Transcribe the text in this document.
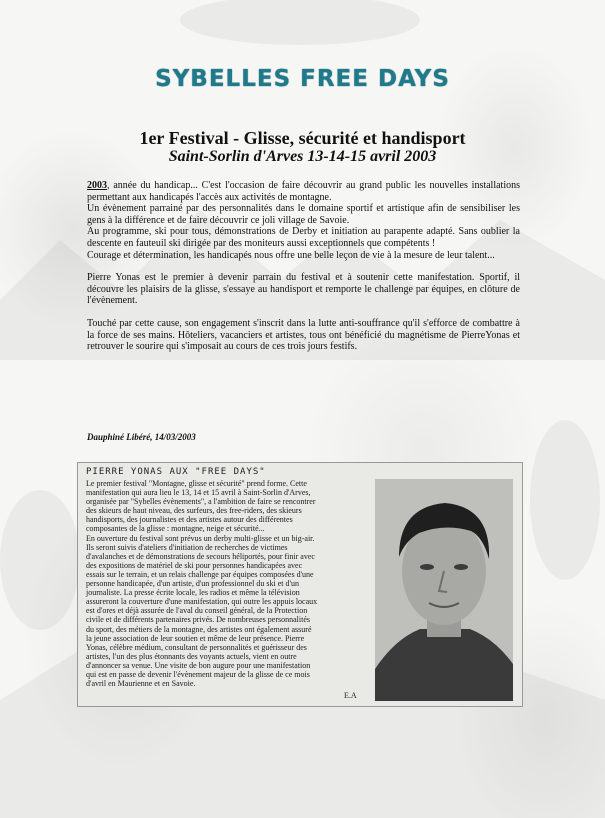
SYBELLES FREE DAYS
1er Festival - Glisse, sécurité et handisport
Saint-Sorlin d'Arves 13-14-15 avril 2003

2003, année du handicap... C'est l'occasion de faire découvrir au grand public les nouvelles installations permettant aux handicapés l'accès aux activités de montagne.
Un évènement parrainé par des personnalités dans le domaine sportif et artistique afin de sensibiliser les gens à la différence et de faire découvrir ce joli village de Savoie.
Au programme, ski pour tous, démonstrations de Derby et initiation au parapente adapté. Sans oublier la descente en fauteuil ski dirigée par des moniteurs aussi exceptionnels que compétents !
Courage et détermination, les handicapés nous offre une belle leçon de vie à la mesure de leur talent...

Pierre Yonas est le premier à devenir parrain du festival et à soutenir cette manifestation. Sportif, il découvre les plaisirs de la glisse, s'essaye au handisport et remporte le challenge par équipes, en clôture de l'évènement.

Touché par cette cause, son engagement s'inscrit dans la lutte anti-souffrance qu'il s'efforce de combattre à la force de ses mains. Hôteliers, vacanciers et artistes, tous ont bénéficié du magnétisme de PierreYonas et retrouver le sourire qui s'imposait au cours de ces trois jours festifs.

Dauphiné Libéré, 14/03/2003
PIERRE YONAS AUX "FREE DAYS"
Le premier festival "Montagne, glisse et sécurité" prend forme. Cette
manifestation qui aura lieu le 13, 14 et 15 avril à Saint-Sorlin d'Arves,
organisée par "Sybelles évènements", a l'ambition de faire se rencontrer
des skieurs de haut niveau, des surfeurs, des free-riders, des skieurs
handisports, des journalistes et des artistes autour des différentes
composantes de la glisse : montagne, neige et sécurité...
En ouverture du festival sont prévus un derby multi-glisse et un big-air.
Ils seront suivis d'ateliers d'initiation de recherches de victimes
d'avalanches et de démonstrations de secours héliportés, pour finir avec
des expositions de matériel de ski pour personnes handicapées avec
essais sur le terrain, et un relais challenge par équipes composées d'une
personne handicapée, d'un artiste, d'un professionnel du ski et d'un
journaliste. La presse écrite locale, les radios et même la télévision
assureront la couverture d'une manifestation, qui outre les appuis locaux
est d'ores et déjà assurée de l'aval du conseil général, de la Protection
civile et de différents partenaires privés. De nombreuses personnalités
du sport, des métiers de la montagne, des artistes ont également assuré
la jeune association de leur soutien et même de leur présence. Pierre
Yonas, célèbre médium, consultant de personnalités et guérisseur des
artistes, l'un des plus étonnants des voyants actuels, vient en outre
d'annoncer sa venue. Une visite de bon augure pour une manifestation
qui est en passe de devenir l'évènement majeur de la glisse de ce mois
d'avril en Maurienne et en Savoie.
E.A
